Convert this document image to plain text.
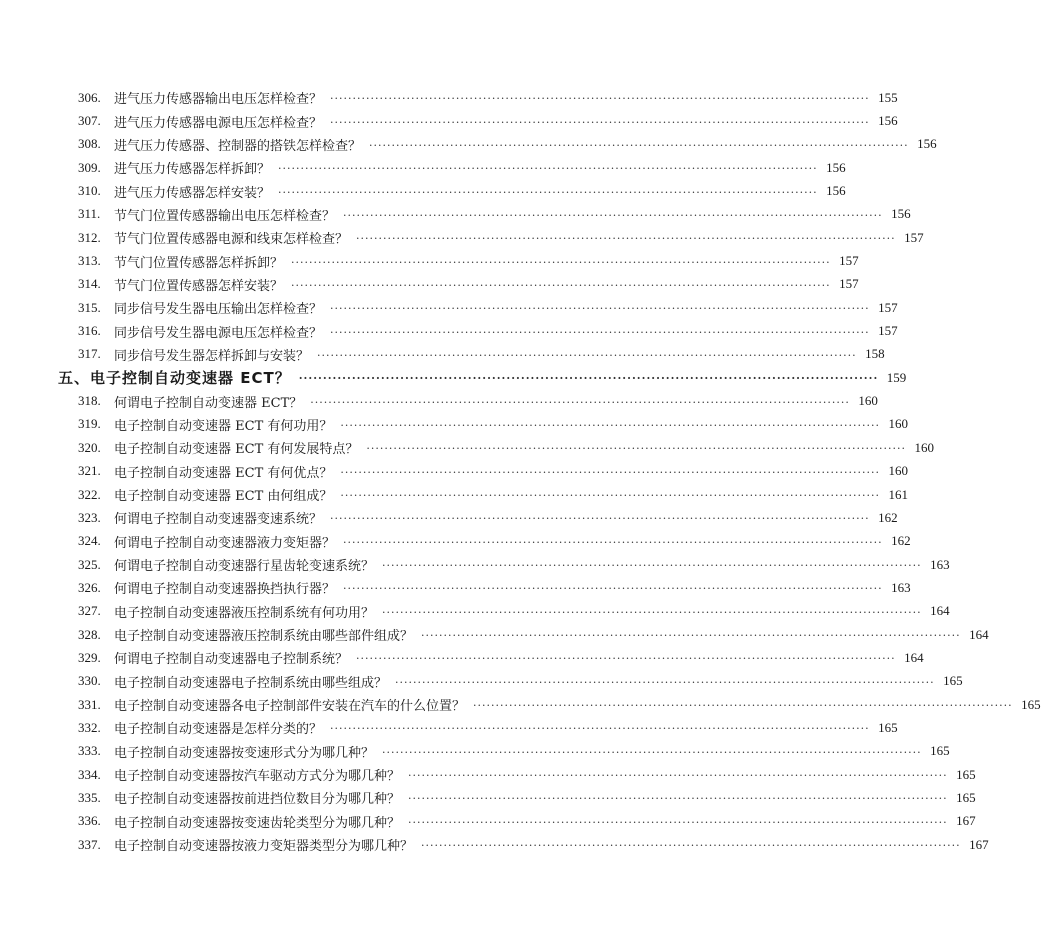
306.	进气压力传感器输出电压怎样检查？ ························································································································ 155
307.	进气压力传感器电源电压怎样检查？ ························································································································ 156
308.	进气压力传感器、控制器的搭铁怎样检查？ ························································································································ 156
309.	进气压力传感器怎样拆卸？ ························································································································ 156
310.	进气压力传感器怎样安装？ ························································································································ 156
311.	节气门位置传感器输出电压怎样检查？ ························································································································ 156
312.	节气门位置传感器电源和线束怎样检查？ ························································································································ 157
313.	节气门位置传感器怎样拆卸？ ························································································································ 157
314.	节气门位置传感器怎样安装？ ························································································································ 157
315.	同步信号发生器电压输出怎样检查？ ························································································································ 157
316.	同步信号发生器电源电压怎样检查？ ························································································································ 157
317.	同步信号发生器怎样拆卸与安装？ ························································································································ 158
五、电子控制自动变速器 ECT？ ························································································································ 159
318.	何谓电子控制自动变速器 ECT？ ························································································································ 160
319.	电子控制自动变速器 ECT 有何功用？ ························································································································ 160
320.	电子控制自动变速器 ECT 有何发展特点？ ························································································································ 160
321.	电子控制自动变速器 ECT 有何优点？ ························································································································ 160
322.	电子控制自动变速器 ECT 由何组成？ ························································································································ 161
323.	何谓电子控制自动变速器变速系统？ ························································································································ 162
324.	何谓电子控制自动变速器液力变矩器？ ························································································································ 162
325.	何谓电子控制自动变速器行星齿轮变速系统？ ························································································································ 163
326.	何谓电子控制自动变速器换挡执行器？ ························································································································ 163
327.	电子控制自动变速器液压控制系统有何功用？ ························································································································ 164
328.	电子控制自动变速器液压控制系统由哪些部件组成？ ························································································································ 164
329.	何谓电子控制自动变速器电子控制系统？ ························································································································ 164
330.	电子控制自动变速器电子控制系统由哪些组成？ ························································································································ 165
331.	电子控制自动变速器各电子控制部件安装在汽车的什么位置？ ························································································································ 165
332.	电子控制自动变速器是怎样分类的？ ························································································································ 165
333.	电子控制自动变速器按变速形式分为哪几种？ ························································································································ 165
334.	电子控制自动变速器按汽车驱动方式分为哪几种？ ························································································································ 165
335.	电子控制自动变速器按前进挡位数目分为哪几种？ ························································································································ 165
336.	电子控制自动变速器按变速齿轮类型分为哪几种？ ························································································································ 167
337.	电子控制自动变速器按液力变矩器类型分为哪几种？ ························································································································ 167
